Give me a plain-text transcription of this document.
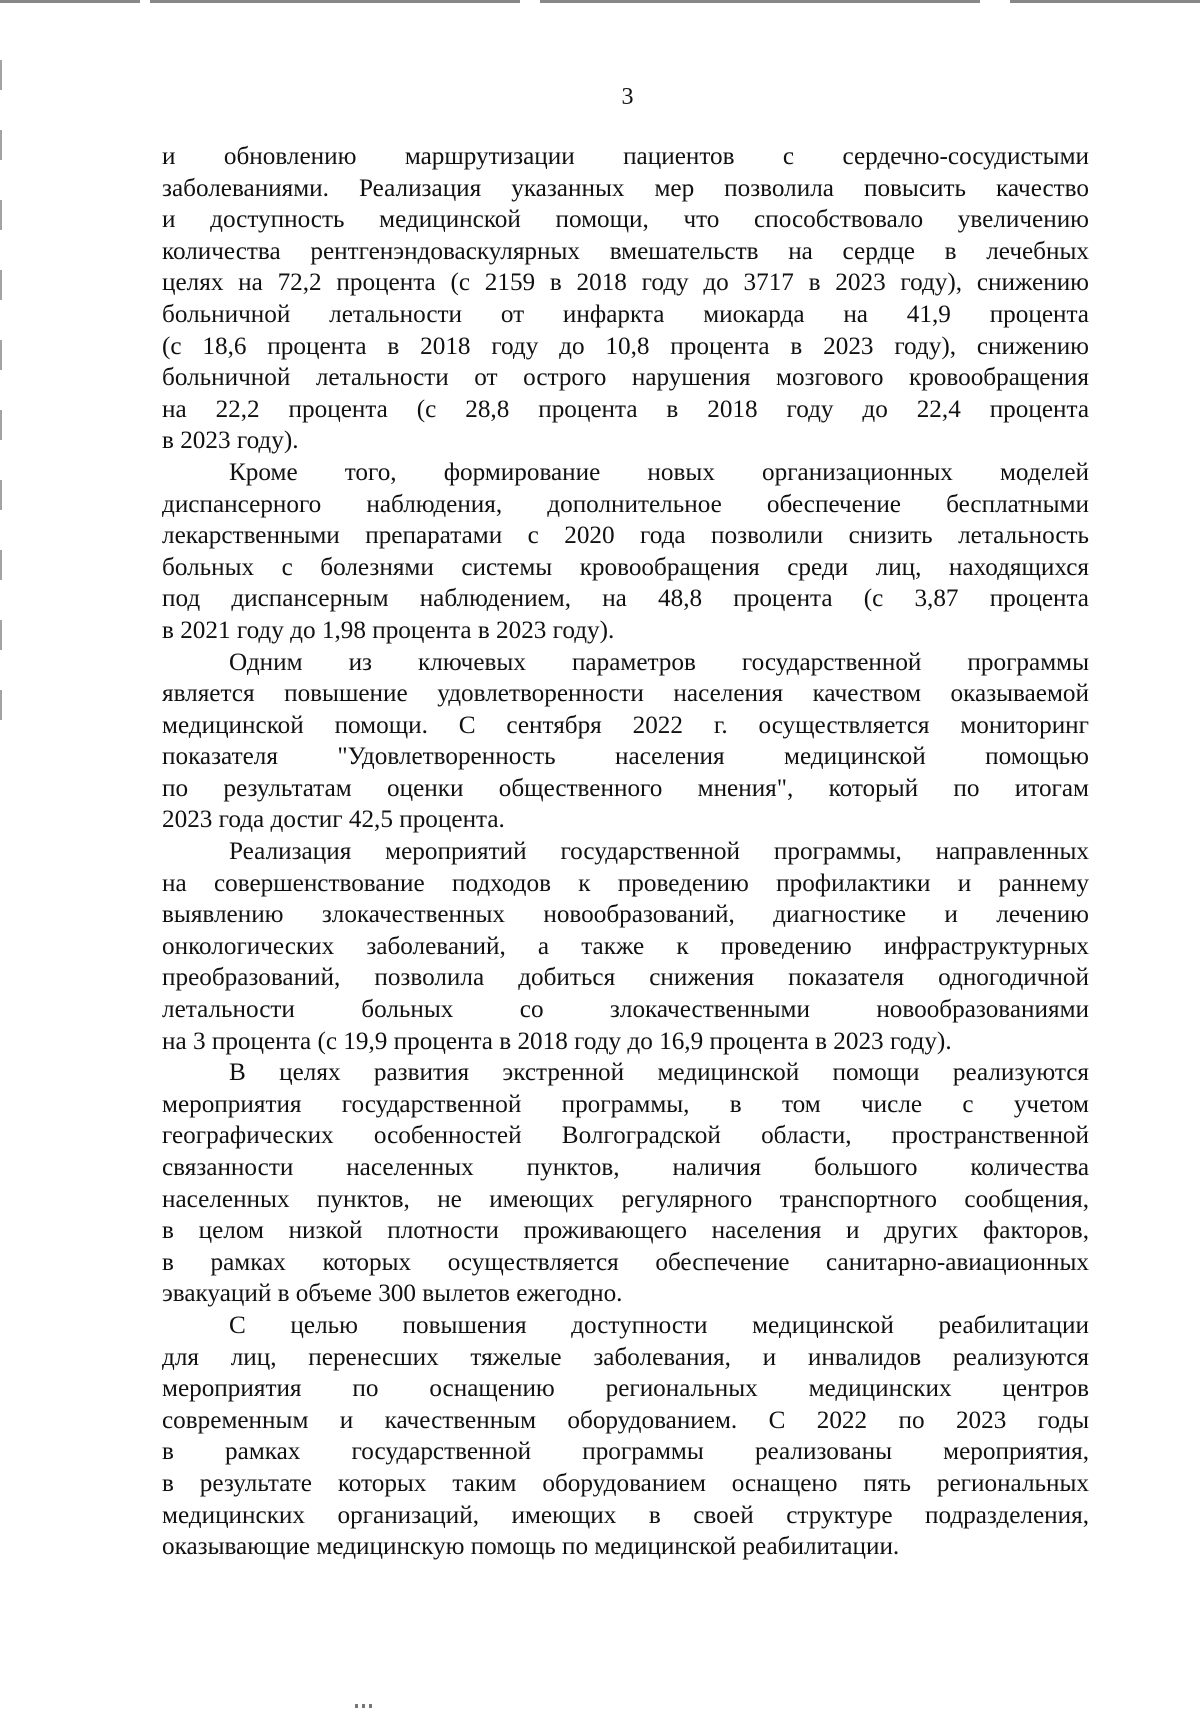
3
и обновлению маршрутизации пациентов с сердечно-сосудистыми
заболеваниями. Реализация указанных мер позволила повысить качество
и доступность медицинской помощи, что способствовало увеличению
количества рентгенэндоваскулярных вмешательств на сердце в лечебных
целях на 72,2 процента (с 2159 в 2018 году до 3717 в 2023 году), снижению
больничной летальности от инфаркта миокарда на 41,9 процента
(с 18,6 процента в 2018 году до 10,8 процента в 2023 году), снижению
больничной летальности от острого нарушения мозгового кровообращения
на 22,2 процента (с 28,8 процента в 2018 году до 22,4 процента
в 2023 году).
Кроме того, формирование новых организационных моделей
диспансерного наблюдения, дополнительное обеспечение бесплатными
лекарственными препаратами с 2020 года позволили снизить летальность
больных с болезнями системы кровообращения среди лиц, находящихся
под диспансерным наблюдением, на 48,8 процента (с 3,87 процента
в 2021 году до 1,98 процента в 2023 году).
Одним из ключевых параметров государственной программы
является повышение удовлетворенности населения качеством оказываемой
медицинской помощи. С сентября 2022 г. осуществляется мониторинг
показателя "Удовлетворенность населения медицинской помощью
по результатам оценки общественного мнения", который по итогам
2023 года достиг 42,5 процента.
Реализация мероприятий государственной программы, направленных
на совершенствование подходов к проведению профилактики и раннему
выявлению злокачественных новообразований, диагностике и лечению
онкологических заболеваний, а также к проведению инфраструктурных
преобразований, позволила добиться снижения показателя одногодичной
летальности больных со злокачественными новообразованиями
на 3 процента (с 19,9 процента в 2018 году до 16,9 процента в 2023 году).
В целях развития экстренной медицинской помощи реализуются
мероприятия государственной программы, в том числе с учетом
географических особенностей Волгоградской области, пространственной
связанности населенных пунктов, наличия большого количества
населенных пунктов, не имеющих регулярного транспортного сообщения,
в целом низкой плотности проживающего населения и других факторов,
в рамках которых осуществляется обеспечение санитарно-авиационных
эвакуаций в объеме 300 вылетов ежегодно.
С целью повышения доступности медицинской реабилитации
для лиц, перенесших тяжелые заболевания, и инвалидов реализуются
мероприятия по оснащению региональных медицинских центров
современным и качественным оборудованием. С 2022 по 2023 годы
в рамках государственной программы реализованы мероприятия,
в результате которых таким оборудованием оснащено пять региональных
медицинских организаций, имеющих в своей структуре подразделения,
оказывающие медицинскую помощь по медицинской реабилитации.
